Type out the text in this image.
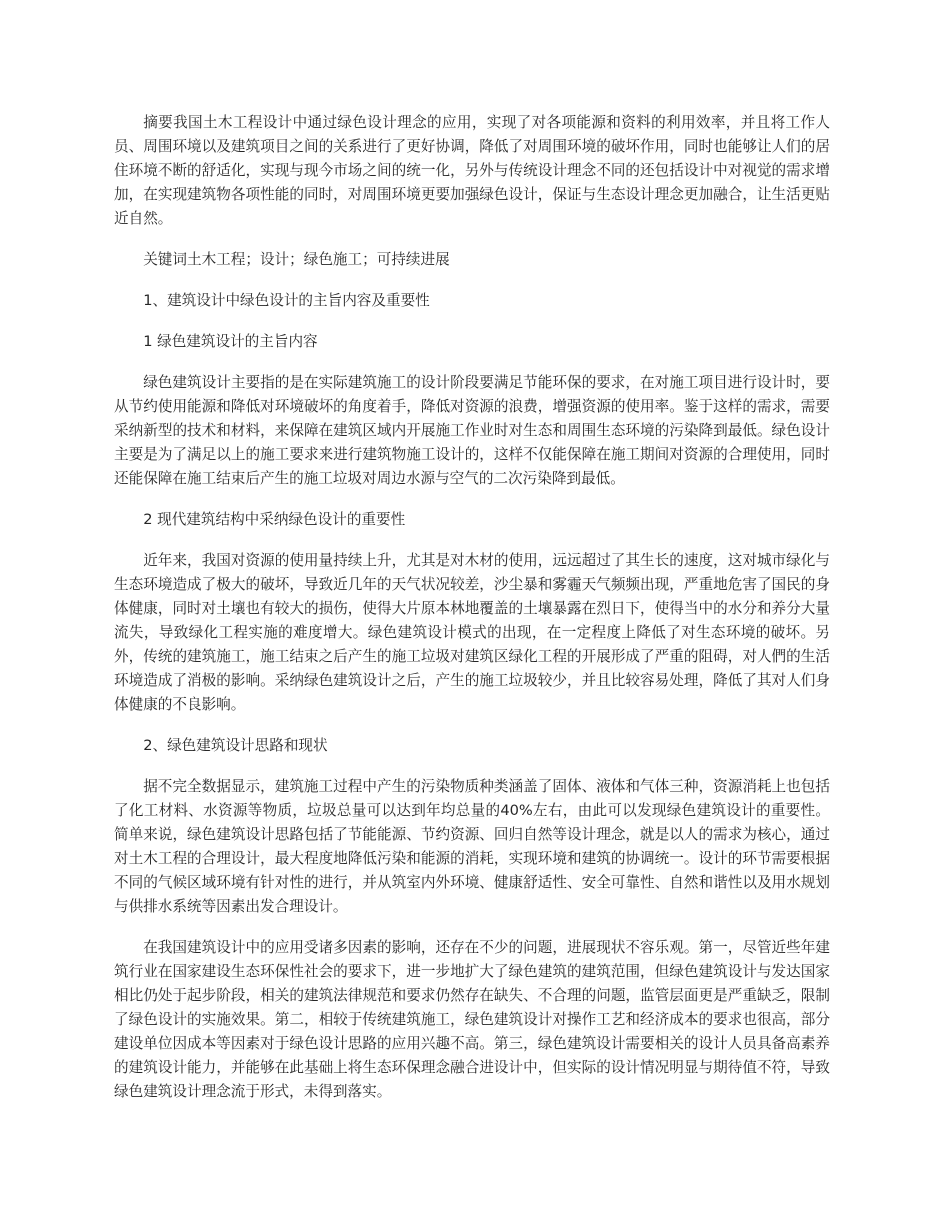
摘要我国土木工程设计中通过绿色设计理念的应用，实现了对各项能源和资料的利用效率，并且将工作人员、周围环境以及建筑项目之间的关系进行了更好协调，降低了对周围环境的破坏作用，同时也能够让人们的居住环境不断的舒适化，实现与现今市场之间的统一化，另外与传统设计理念不同的还包括设计中对视觉的需求增加，在实现建筑物各项性能的同时，对周围环境更要加强绿色设计，保证与生态设计理念更加融合，让生活更贴近自然。

关键词土木工程；设计；绿色施工；可持续进展

1、建筑设计中绿色设计的主旨内容及重要性

1 绿色建筑设计的主旨内容

绿色建筑设计主要指的是在实际建筑施工的设计阶段要满足节能环保的要求，在对施工项目进行设计时，要从节约使用能源和降低对环境破坏的角度着手，降低对资源的浪费，增强资源的使用率。鉴于这样的需求，需要采纳新型的技术和材料，来保障在建筑区域内开展施工作业时对生态和周围生态环境的污染降到最低。绿色设计主要是为了满足以上的施工要求来进行建筑物施工设计的，这样不仅能保障在施工期间对资源的合理使用，同时还能保障在施工结束后产生的施工垃圾对周边水源与空气的二次污染降到最低。

2 现代建筑结构中采纳绿色设计的重要性

近年来，我国对资源的使用量持续上升，尤其是对木材的使用，远远超过了其生长的速度，这对城市绿化与生态环境造成了极大的破坏，导致近几年的天气状况较差，沙尘暴和雾霾天气频频出现，严重地危害了国民的身体健康，同时对土壤也有较大的损伤，使得大片原本林地覆盖的土壤暴露在烈日下，使得当中的水分和养分大量流失，导致绿化工程实施的难度增大。绿色建筑设计模式的出现，在一定程度上降低了对生态环境的破坏。另外，传统的建筑施工，施工结束之后产生的施工垃圾对建筑区绿化工程的开展形成了严重的阻碍，对人們的生活环境造成了消极的影响。采纳绿色建筑设计之后，产生的施工垃圾较少，并且比较容易处理，降低了其对人们身体健康的不良影响。

2、绿色建筑设计思路和现状

据不完全数据显示，建筑施工过程中产生的污染物质种类涵盖了固体、液体和气体三种，资源消耗上也包括了化工材料、水资源等物质，垃圾总量可以达到年均总量的40%左右，由此可以发现绿色建筑设计的重要性。简单来说，绿色建筑设计思路包括了节能能源、节约资源、回归自然等设计理念，就是以人的需求为核心，通过对土木工程的合理设计，最大程度地降低污染和能源的消耗，实现环境和建筑的协调统一。设计的环节需要根据不同的气候区域环境有针对性的进行，并从筑室内外环境、健康舒适性、安全可靠性、自然和谐性以及用水规划与供排水系统等因素出发合理设计。

在我国建筑设计中的应用受诸多因素的影响，还存在不少的问题，进展现状不容乐观。第一，尽管近些年建筑行业在国家建设生态环保性社会的要求下，进一步地扩大了绿色建筑的建筑范围，但绿色建筑设计与发达国家相比仍处于起步阶段，相关的建筑法律规范和要求仍然存在缺失、不合理的问题，监管层面更是严重缺乏，限制了绿色设计的实施效果。第二，相较于传统建筑施工，绿色建筑设计对操作工艺和经济成本的要求也很高，部分建设单位因成本等因素对于绿色设计思路的应用兴趣不高。第三，绿色建筑设计需要相关的设计人员具备高素养的建筑设计能力，并能够在此基础上将生态环保理念融合进设计中，但实际的设计情况明显与期待值不符，导致绿色建筑设计理念流于形式，未得到落实。
